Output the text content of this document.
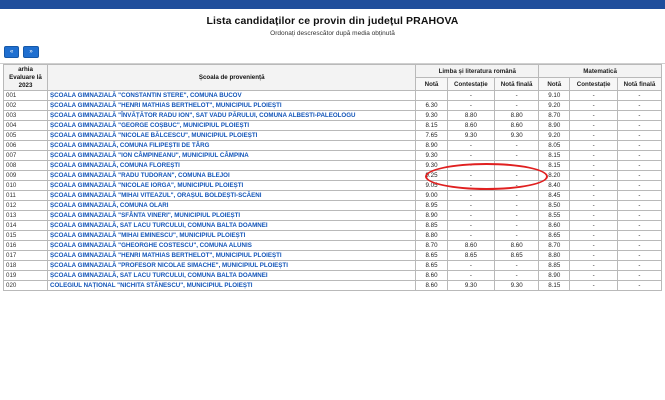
Lista candidaților ce provin din județul PRAHOVA
Ordonați descrescător după media obținută
«	»
arhia Evaluare lă 2023	Școala de proveniență	Limba și literatura română			Matematică		
		Notă	Contestație	Notă finală	Notă	Contestație	Notă finală
001	ȘCOALA GIMNAZIALĂ "CONSTANTIN STERE", COMUNA BUCOV		-	-	9.10	-	-
002	ȘCOALA GIMNAZIALĂ "HENRI MATHIAS BERTHELOT", MUNICIPIUL PLOIEȘTI	6.30	-	-	9.20	-	-
003	ȘCOALA GIMNAZIALĂ "ÎNVĂȚĂTOR RADU ION", SAT VADU PĂRULUI, COMUNA ALBESTI-PALEOLOGU	9.30	8.80	8.80	8.70	-	-
004	ȘCOALA GIMNAZIALĂ "GEORGE COȘBUC", MUNICIPIUL PLOIEȘTI	8.15	8.60	8.60	8.90	-	-
005	ȘCOALA GIMNAZIALĂ "NICOLAE BĂLCESCU", MUNICIPIUL PLOIEȘTI	7.65	9.30	9.30	9.20	-	-
006	ȘCOALA GIMNAZIALĂ, COMUNA FILIPEȘTII DE TÂRG	8.90	-	-	8.05	-	-
007	ȘCOALA GIMNAZIALĂ "ION CÂMPINEANU", MUNICIPIUL CÂMPINA	9.30	-	-	8.15	-	-
008	ȘCOALA GIMNAZIALĂ, COMUNA FLOREȘTI	9.30	-	-	8.15	-	-
009	ȘCOALA GIMNAZIALĂ "RADU TUDORAN", COMUNA BLEJOI	9.25	-	-	8.20	-	-
010	ȘCOALA GIMNAZIALĂ "NICOLAE IORGA", MUNICIPIUL PLOIEȘTI	9.05	-	-	8.40	-	-
011	ȘCOALA GIMNAZIALĂ "MIHAI VITEAZUL", ORAȘUL BOLDEȘTI-SCĂENI	9.00	-	-	8.45	-	-
012	ȘCOALA GIMNAZIALĂ, COMUNA OLARI	8.95	-	-	8.50	-	-
013	ȘCOALA GIMNAZIALĂ "SFÂNTA VINERI", MUNICIPIUL PLOIEȘTI	8.90	-	-	8.55	-	-
014	ȘCOALA GIMNAZIALĂ, SAT LACU TURCULUI, COMUNA BALTA DOAMNEI	8.85	-	-	8.60	-	-
015	ȘCOALA GIMNAZIALĂ "MIHAI EMINESCU", MUNICIPIUL PLOIEȘTI	8.80	-	-	8.65	-	-
016	ȘCOALA GIMNAZIALĂ "GHEORGHE COSTESCU", COMUNA ALUNIS	8.70	8.60	8.60	8.70	-	-
017	ȘCOALA GIMNAZIALĂ "HENRI MATHIAS BERTHELOT", MUNICIPIUL PLOIEȘTI	8.65	8.65	8.65	8.80	-	-
018	ȘCOALA GIMNAZIALĂ "PROFESOR NICOLAE SIMACHE", MUNICIPIUL PLOIEȘTI	8.65	-	-	8.85	-	-
019	ȘCOALA GIMNAZIALĂ, SAT LACU TURCULUI, COMUNA BALTA DOAMNEI	8.60	-	-	8.90	-	-
020	COLEGIUL NAȚIONAL "NICHITA STĂNESCU", MUNICIPIUL PLOIEȘTI	8.60	9.30	9.30	8.15	-	-
